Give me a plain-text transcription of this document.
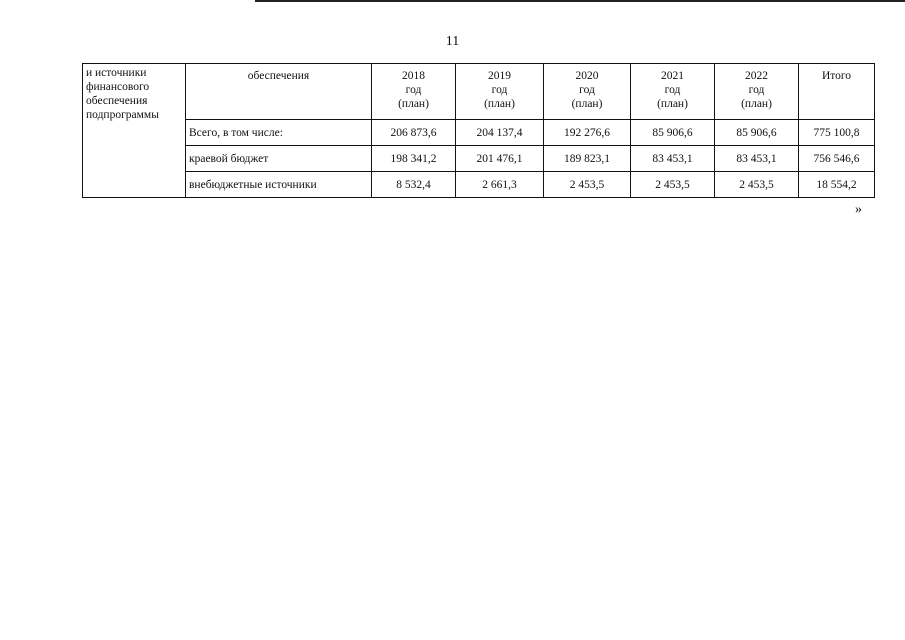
11
и источники
финансового
обеспечения
подпрограммы	обеспечения	2018
год
(план)	2019
год
(план)	2020
год
(план)	2021
год
(план)	2022
год
(план)	Итого
	Всего, в том числе:	206 873,6	204 137,4	192 276,6	85 906,6	85 906,6	775 100,8
	краевой бюджет	198 341,2	201 476,1	189 823,1	83 453,1	83 453,1	756 546,6
	внебюджетные источники	8 532,4	2 661,3	2 453,5	2 453,5	2 453,5	18 554,2
»
